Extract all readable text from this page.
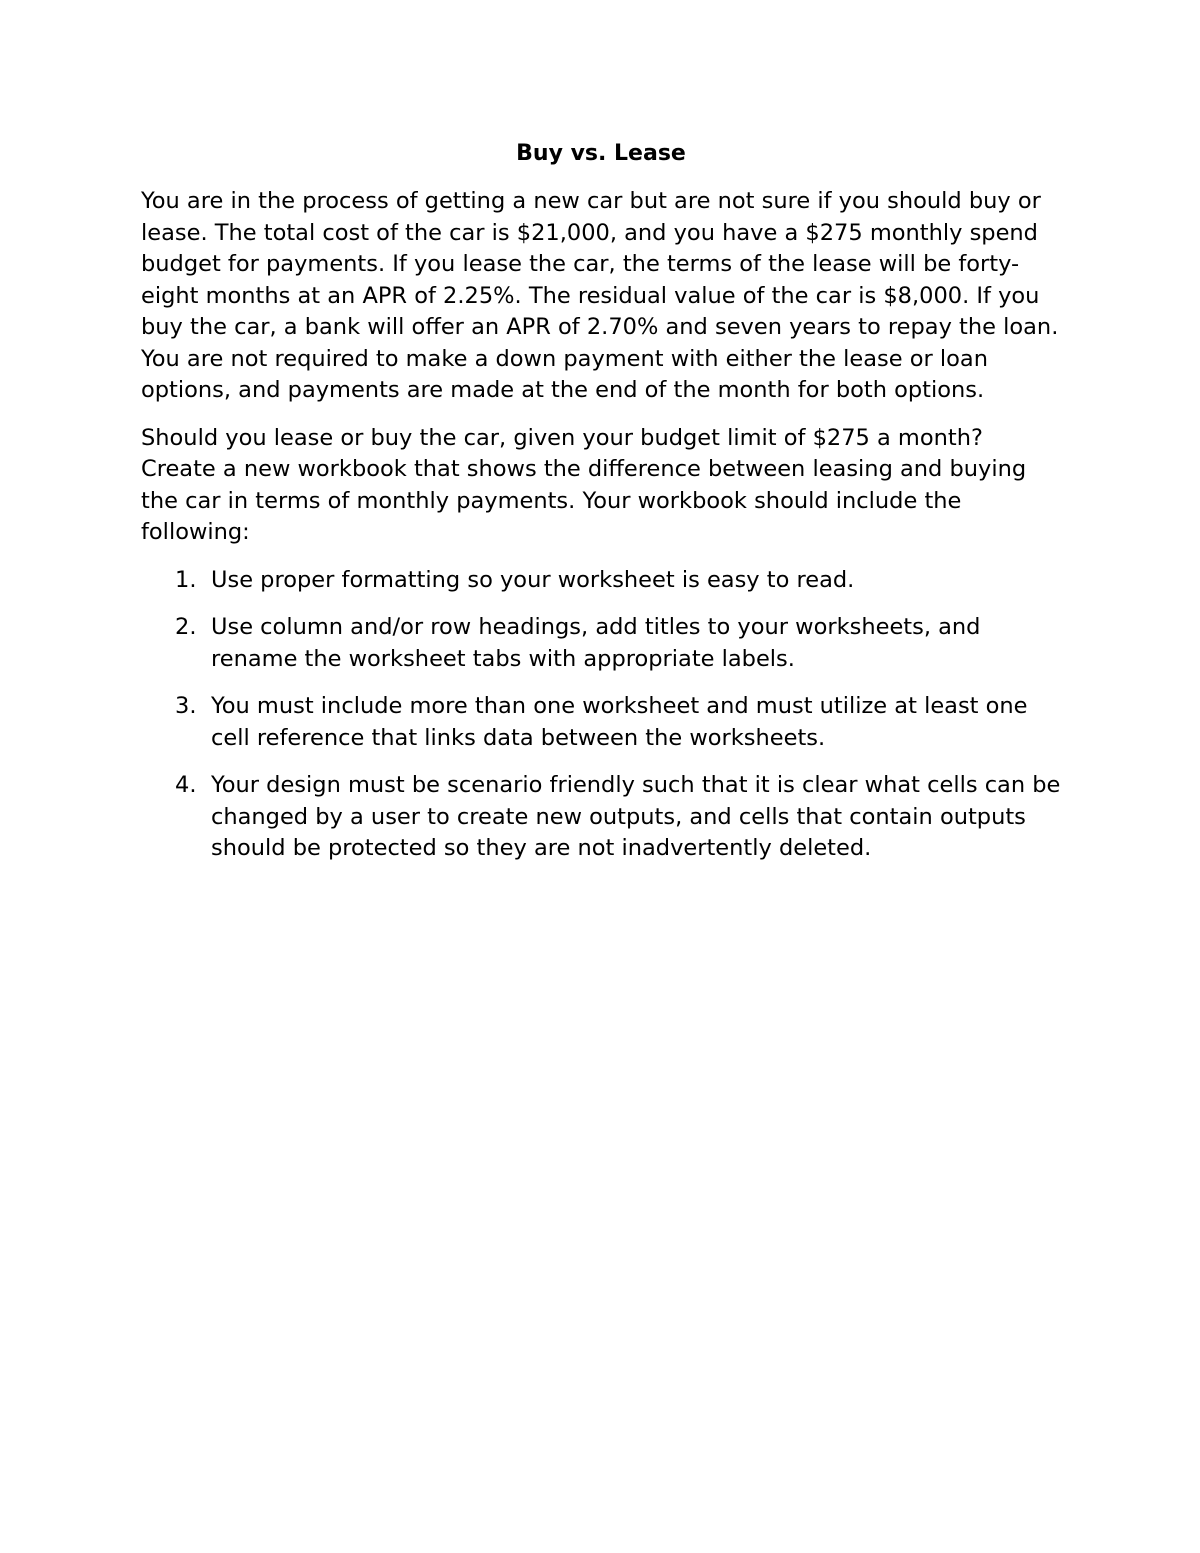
Buy vs. Lease

You are in the process of getting a new car but are not sure if you should buy or lease. The total cost of the car is $21,000, and you have a $275 monthly spend budget for payments. If you lease the car, the terms of the lease will be forty-eight months at an APR of 2.25%. The residual value of the car is $8,000. If you buy the car, a bank will offer an APR of 2.70% and seven years to repay the loan. You are not required to make a down payment with either the lease or loan options, and payments are made at the end of the month for both options.

Should you lease or buy the car, given your budget limit of $275 a month? Create a new workbook that shows the difference between leasing and buying the car in terms of monthly payments. Your workbook should include the following:

1. Use proper formatting so your worksheet is easy to read.
2. Use column and/or row headings, add titles to your worksheets, and rename the worksheet tabs with appropriate labels.
3. You must include more than one worksheet and must utilize at least one cell reference that links data between the worksheets.
4. Your design must be scenario friendly such that it is clear what cells can be changed by a user to create new outputs, and cells that contain outputs should be protected so they are not inadvertently deleted.
